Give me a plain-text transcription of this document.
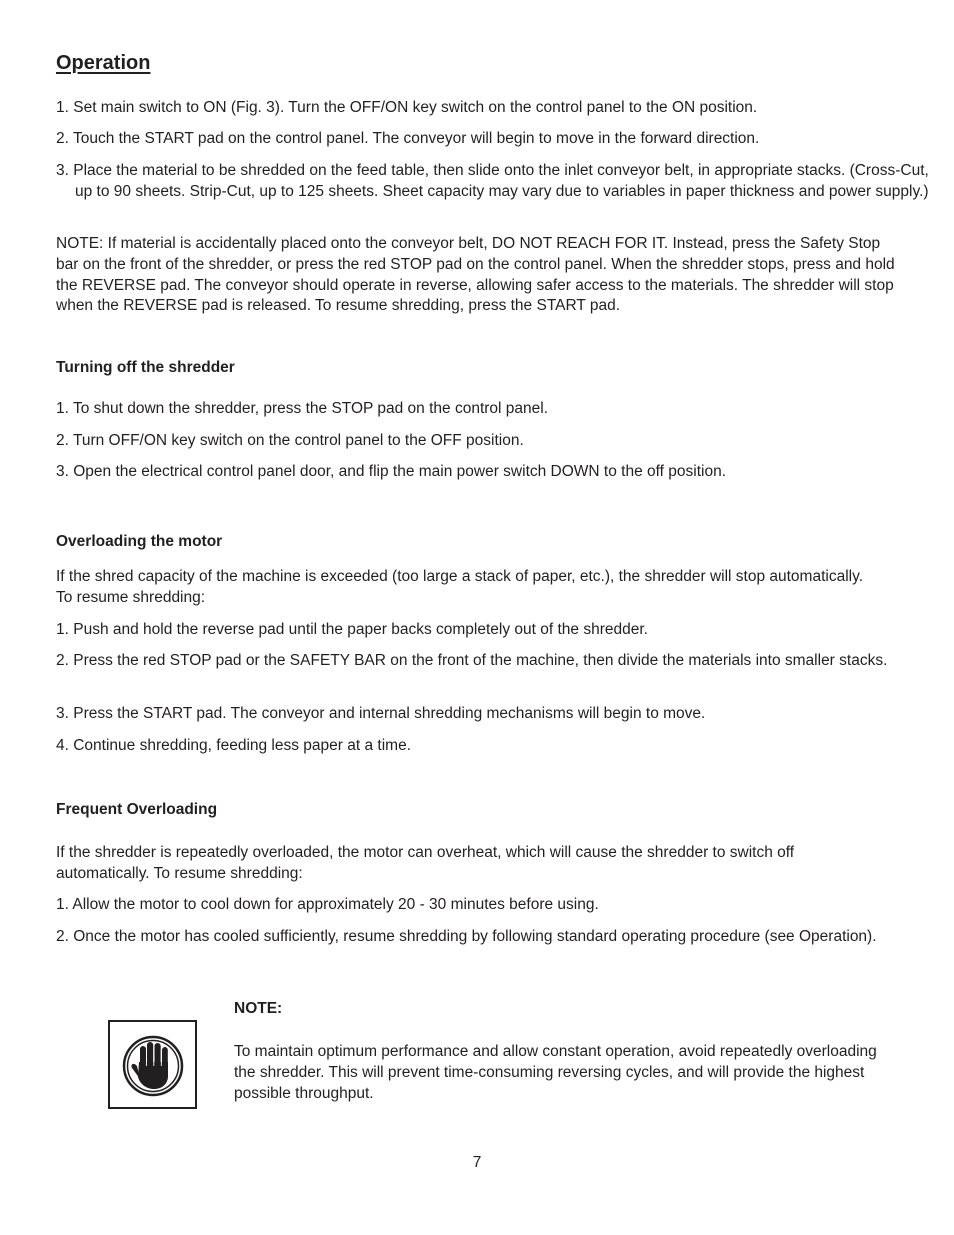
Operation

1. Set main switch to ON (Fig. 3). Turn the OFF/ON key switch on the control panel to the ON position.

2. Touch the START pad on the control panel. The conveyor will begin to move in the forward direction.

3. Place the material to be shredded on the feed table, then slide onto the inlet conveyor belt, in appropriate stacks. (Cross-Cut, up to 90 sheets. Strip-Cut, up to 125 sheets. Sheet capacity may vary due to variables in paper thickness and power supply.)

NOTE: If material is accidentally placed onto the conveyor belt, DO NOT REACH FOR IT. Instead, press the Safety Stop bar on the front of the shredder, or press the red STOP pad on the control panel. When the shredder stops, press and hold the REVERSE pad. The conveyor should operate in reverse, allowing safer access to the materials. The shredder will stop when the REVERSE pad is released. To resume shredding, press the START pad.

Turning off the shredder

1. To shut down the shredder, press the STOP pad on the control panel.

2. Turn OFF/ON key switch on the control panel to the OFF position.

3. Open the electrical control panel door, and flip the main power switch DOWN to the off position.

Overloading the motor

If the shred capacity of the machine is exceeded (too large a stack of paper, etc.), the shredder will stop automatically. To resume shredding:

1. Push and hold the reverse pad until the paper backs completely out of the shredder.

2. Press the red STOP pad or the SAFETY BAR on the front of the machine, then divide the materials into smaller stacks.

3. Press the START pad. The conveyor and internal shredding mechanisms will begin to move.

4. Continue shredding, feeding less paper at a time.

Frequent Overloading

If the shredder is repeatedly overloaded, the motor can overheat, which will cause the shredder to switch off automatically. To resume shredding:

1. Allow the motor to cool down for approximately 20 - 30 minutes before using.

2. Once the motor has cooled sufficiently, resume shredding by following standard operating procedure (see Operation).

NOTE:

To maintain optimum performance and allow constant operation, avoid repeatedly overloading the shredder. This will prevent time-consuming reversing cycles, and will provide the highest possible throughput.

7
